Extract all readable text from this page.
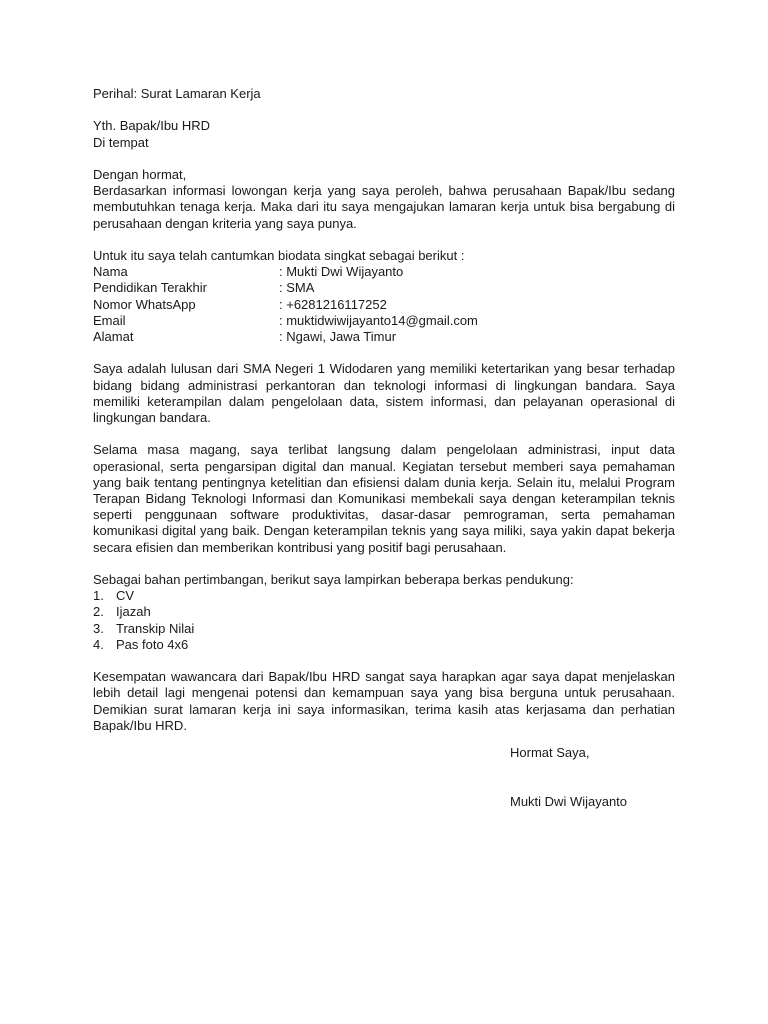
Perihal: Surat Lamaran Kerja

Yth. Bapak/Ibu HRD

Di tempat

Dengan hormat,

Berdasarkan informasi lowongan kerja yang saya peroleh, bahwa perusahaan Bapak/Ibu sedang membutuhkan tenaga kerja. Maka dari itu saya mengajukan lamaran kerja untuk bisa bergabung di perusahaan dengan kriteria yang saya punya.

Untuk itu saya telah cantumkan biodata singkat sebagai berikut :

Nama	: Mukti Dwi Wijayanto
Pendidikan Terakhir	: SMA
Nomor WhatsApp	: +6281216117252
Email	: muktidwiwijayanto14@gmail.com
Alamat	: Ngawi, Jawa Timur

Saya adalah lulusan dari SMA Negeri 1 Widodaren yang memiliki ketertarikan yang besar terhadap bidang bidang administrasi perkantoran dan teknologi informasi di lingkungan bandara. Saya memiliki keterampilan dalam pengelolaan data, sistem informasi, dan pelayanan operasional di lingkungan bandara.

Selama masa magang, saya terlibat langsung dalam pengelolaan administrasi, input data operasional, serta pengarsipan digital dan manual. Kegiatan tersebut memberi saya pemahaman yang baik tentang pentingnya ketelitian dan efisiensi dalam dunia kerja. Selain itu, melalui Program Terapan Bidang Teknologi Informasi dan Komunikasi membekali saya dengan keterampilan teknis seperti penggunaan software produktivitas, dasar-dasar pemrograman, serta pemahaman komunikasi digital yang baik. Dengan keterampilan teknis yang saya miliki, saya yakin dapat bekerja secara efisien dan memberikan kontribusi yang positif bagi perusahaan.

Sebagai bahan pertimbangan, berikut saya lampirkan beberapa berkas pendukung:

1. CV
2. Ijazah
3. Transkip Nilai
4. Pas foto 4x6

Kesempatan wawancara dari Bapak/Ibu HRD sangat saya harapkan agar saya dapat menjelaskan lebih detail lagi mengenai potensi dan kemampuan saya yang bisa berguna untuk perusahaan. Demikian surat lamaran kerja ini saya informasikan, terima kasih atas kerjasama dan perhatian Bapak/Ibu HRD.

Hormat Saya,
Mukti Dwi Wijayanto
